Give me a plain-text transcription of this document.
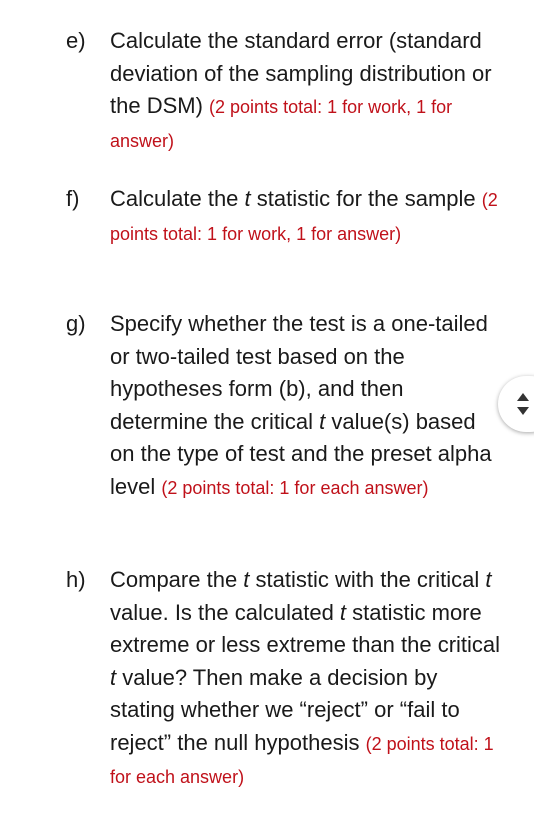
e) Calculate the standard error (standard deviation of the sampling distribution or the DSM) (2 points total: 1 for work, 1 for answer)
f) Calculate the t statistic for the sample (2 points total: 1 for work, 1 for answer)
g) Specify whether the test is a one-tailed or two-tailed test based on the hypotheses form (b), and then determine the critical t value(s) based on the type of test and the preset alpha level (2 points total: 1 for each answer)
h) Compare the t statistic with the critical t value. Is the calculated t statistic more extreme or less extreme than the critical t value? Then make a decision by stating whether we “reject” or “fail to reject” the null hypothesis (2 points total: 1 for each answer)
